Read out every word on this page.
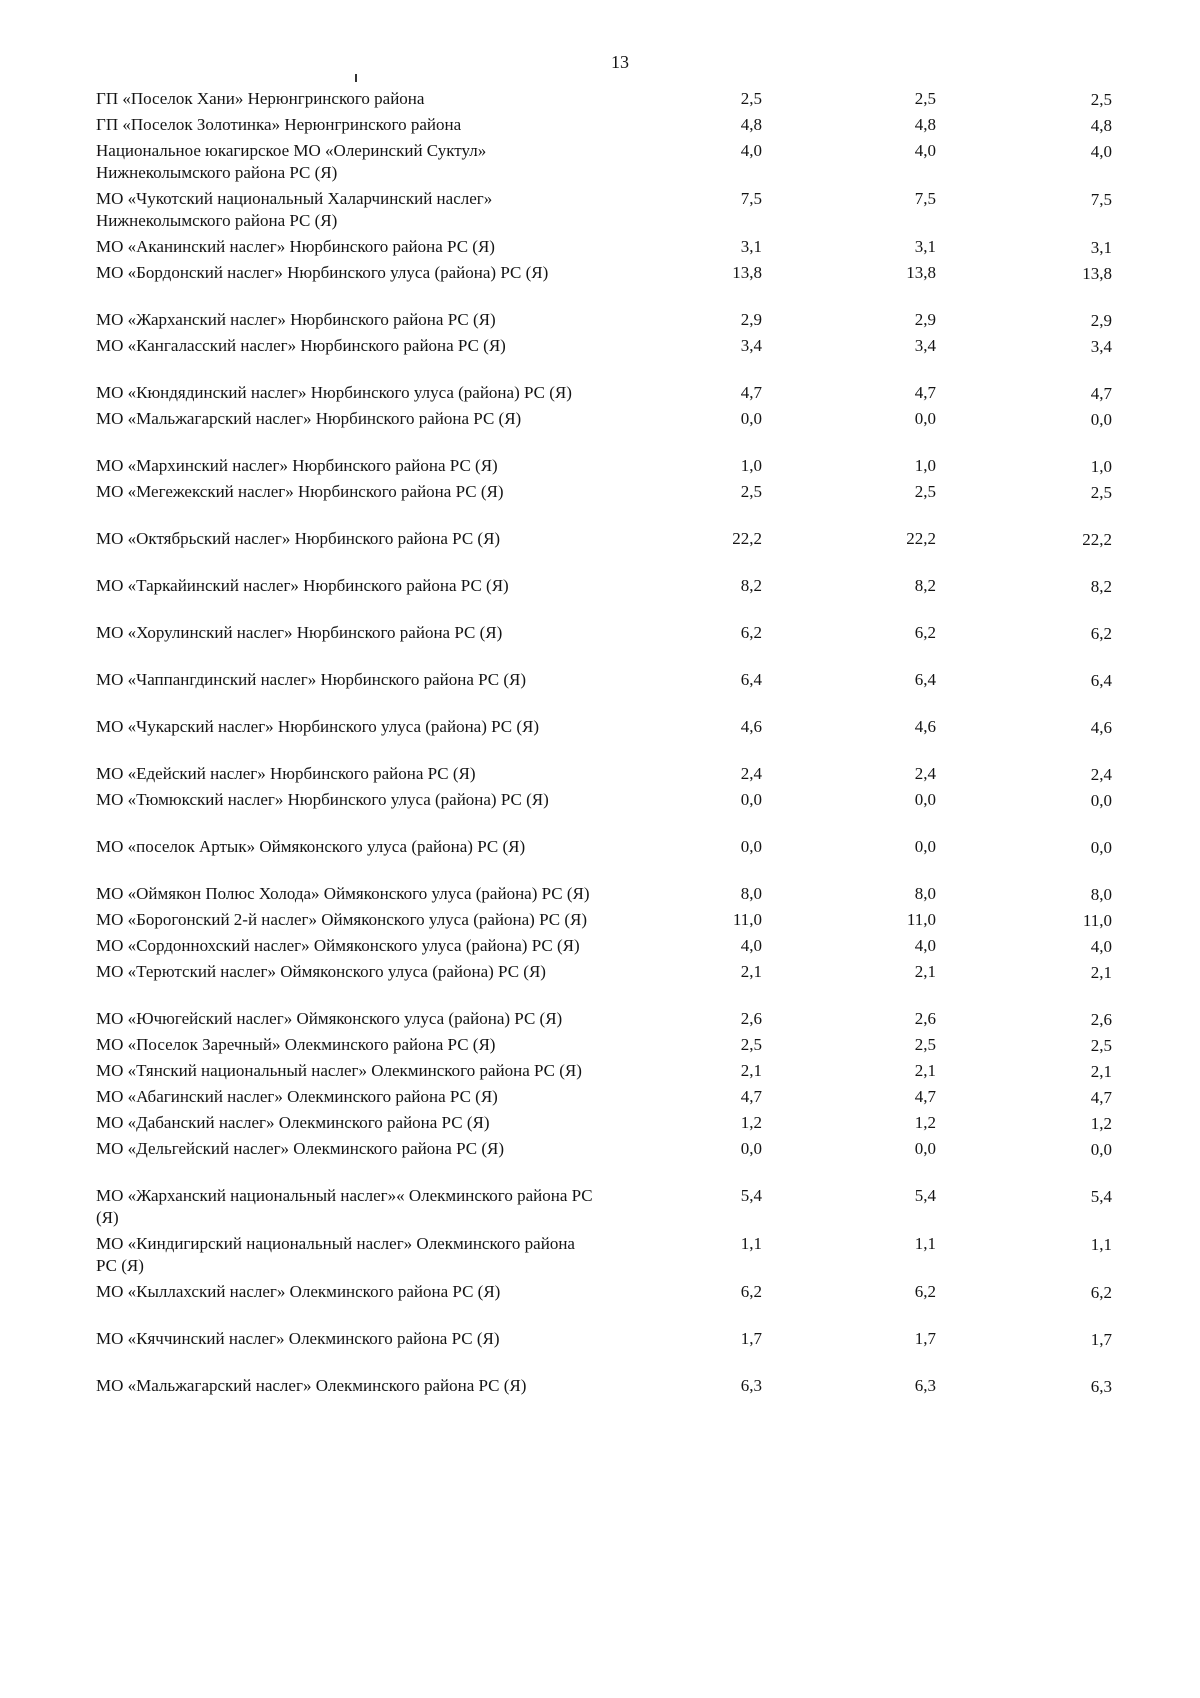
13
ГП «Поселок Хани» Нерюнгринского района	2,5	2,5	2,5
ГП «Поселок Золотинка» Нерюнгринского района	4,8	4,8	4,8
Национальное юкагирское МО «Олеринский Суктул» Нижнеколымского района РС (Я)
4,0	4,0	4,0
МО «Чукотский национальный Халарчинский наслег» Нижнеколымского района РС (Я)
7,5	7,5	7,5
МО «Аканинский наслег» Нюрбинского района РС (Я)	3,1	3,1	3,1
МО «Бордонский наслег» Нюрбинского улуса (района) РС (Я)	13,8	13,8	13,8
МО «Жарханский наслег» Нюрбинского района РС (Я)	2,9	2,9	2,9
МО «Кангаласский наслег» Нюрбинского района РС (Я)	3,4	3,4	3,4
МО «Кюндядинский наслег» Нюрбинского улуса (района) РС (Я)	4,7	4,7	4,7
МО «Мальжагарский наслег» Нюрбинского района РС (Я)	0,0	0,0	0,0
МО «Мархинский наслег» Нюрбинского района РС (Я)	1,0	1,0	1,0
МО «Мегежекский наслег» Нюрбинского района РС (Я)	2,5	2,5	2,5
МО «Октябрьский наслег» Нюрбинского района РС (Я)	22,2	22,2	22,2
МО «Таркайинский наслег» Нюрбинского района РС (Я)	8,2	8,2	8,2
МО «Хорулинский наслег» Нюрбинского района РС (Я)	6,2	6,2	6,2
МО «Чаппангдинский наслег» Нюрбинского района РС (Я)	6,4	6,4	6,4
МО «Чукарский наслег» Нюрбинского улуса (района) РС (Я)	4,6	4,6	4,6
МО «Едейский наслег» Нюрбинского района РС (Я)	2,4	2,4	2,4
МО «Тюмюкский наслег» Нюрбинского улуса (района) РС (Я)	0,0	0,0	0,0
МО «поселок Артык» Оймяконского улуса (района) РС (Я)	0,0	0,0	0,0
МО «Оймякон Полюс Холода» Оймяконского улуса (района) РС (Я)	8,0	8,0	8,0
МО «Борогонский 2-й наслег» Оймяконского улуса (района) РС (Я)	11,0	11,0	11,0
МО «Сордоннохский наслег» Оймяконского улуса (района) РС (Я)	4,0	4,0	4,0
МО «Терютский наслег» Оймяконского улуса (района) РС (Я)	2,1	2,1	2,1
МО «Ючюгейский наслег» Оймяконского улуса (района) РС (Я)	2,6	2,6	2,6
МО «Поселок Заречный» Олекминского района РС (Я)	2,5	2,5	2,5
МО «Тянский национальный наслег» Олекминского района РС (Я)	2,1	2,1	2,1
МО «Абагинский наслег» Олекминского района РС (Я)	4,7	4,7	4,7
МО «Дабанский наслег» Олекминского района РС (Я)	1,2	1,2	1,2
МО «Дельгейский наслег» Олекминского района РС (Я)	0,0	0,0	0,0
МО «Жарханский национальный наслег»« Олекминского района РС (Я)
5,4	5,4	5,4
МО «Киндигирский национальный наслег» Олекминского района РС (Я)
1,1	1,1	1,1
МО «Кыллахский наслег» Олекминского района РС (Я)	6,2	6,2	6,2
МО «Кяччинский наслег» Олекминского района РС (Я)	1,7	1,7	1,7
МО «Мальжагарский наслег» Олекминского района РС (Я)	6,3	6,3	6,3
